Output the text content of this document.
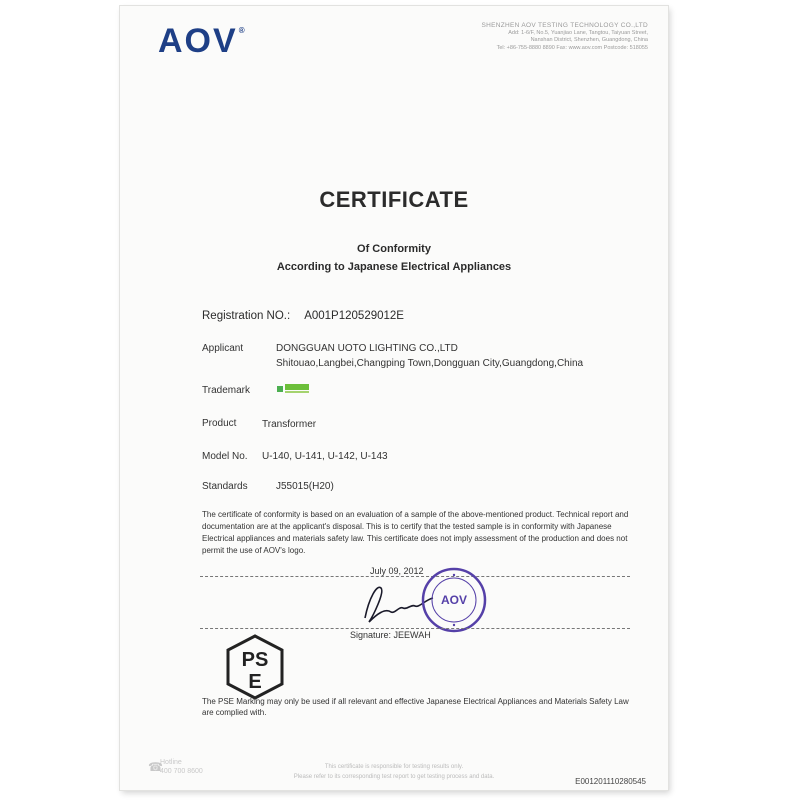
AOV®
SHENZHEN AOV TESTING TECHNOLOGY CO.,LTD
Add: 1-6/F, No.5, Yuanjiao Lane, Tangtou, Taiyuan Street,
Nanshan District, Shenzhen, Guangdong, China
Tel: +86-755-8880 8890 Fax: www.aov.com Postcode: 518055
CERTIFICATE
Of Conformity
According to Japanese Electrical Appliances
Registration NO.: A001P120529012E
Applicant	DONGGUAN UOTO LIGHTING CO.,LTD
Shitouao,Langbei,Changping Town,Dongguan City,Guangdong,China
Trademark
Product	Transformer
Model No. U-140, U-141, U-142, U-143
Standards	J55015(H20)
The certificate of conformity is based on an evaluation of a sample of the above-mentioned product. Technical report and documentation are at the applicant's disposal. This is to certify that the tested sample is in conformity with Japanese Electrical appliances and materials safety law. This certificate does not imply assessment of the production and does not permit the use of AOV's logo.
July 09, 2012
AOV
Signature: JEEWAH
PS
E
The PSE Marking may only be used if all relevant and effective Japanese Electrical Appliances and Materials Safety Law are complied with.
☎
Hotline
400 700 8600
This certificate is responsible for testing results only.
Please refer to its corresponding test report to get testing process and data.	E001201110280545
